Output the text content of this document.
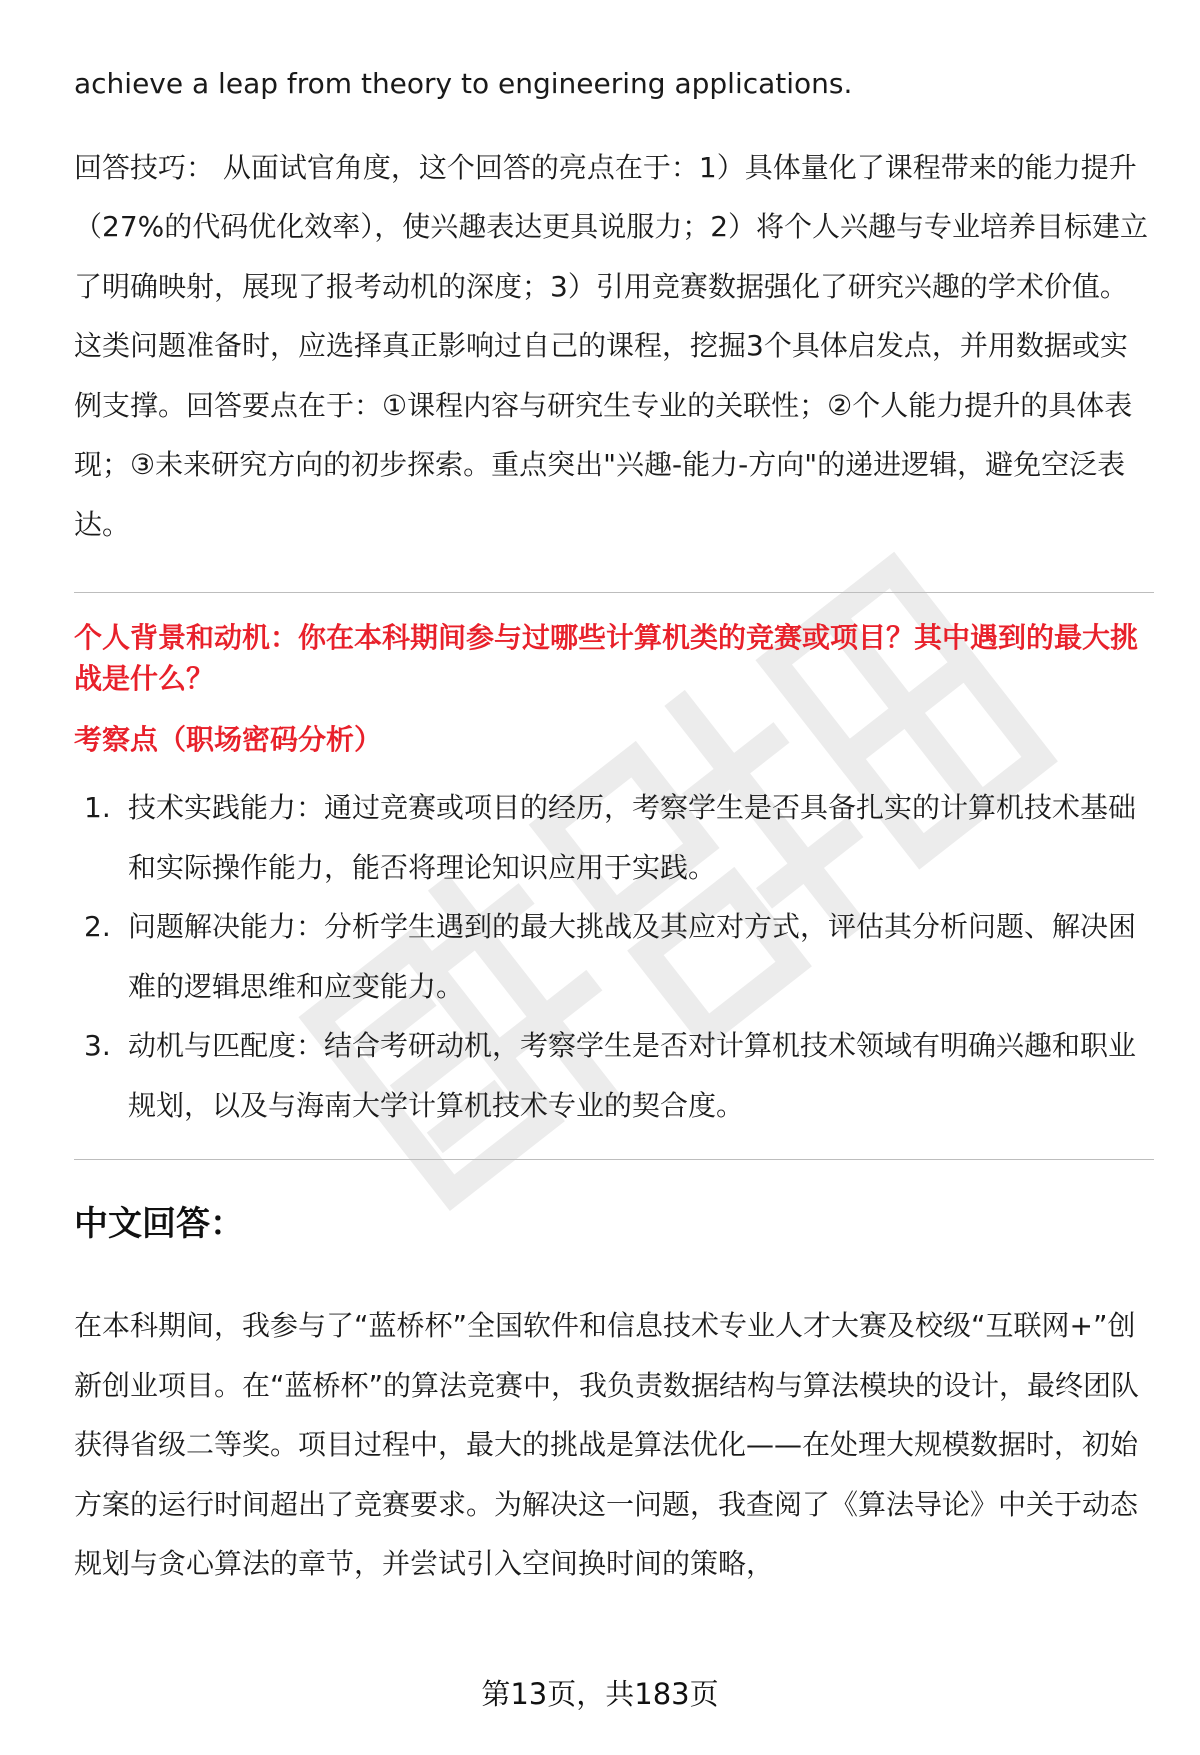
achieve a leap from theory to engineering applications.

回答技巧： 从面试官角度，这个回答的亮点在于：1）具体量化了课程带来的能力提升（27%的代码优化效率），使兴趣表达更具说服力；2）将个人兴趣与专业培养目标建立了明确映射，展现了报考动机的深度；3）引用竞赛数据强化了研究兴趣的学术价值。这类问题准备时，应选择真正影响过自己的课程，挖掘3个具体启发点，并用数据或实例支撑。回答要点在于：①课程内容与研究生专业的关联性；②个人能力提升的具体表现；③未来研究方向的初步探索。重点突出"兴趣-能力-方向"的递进逻辑，避免空泛表达。

个人背景和动机：你在本科期间参与过哪些计算机类的竞赛或项目？其中遇到的最大挑战是什么？

考察点（职场密码分析）

1. 技术实践能力：通过竞赛或项目的经历，考察学生是否具备扎实的计算机技术基础和实际操作能力，能否将理论知识应用于实践。
2. 问题解决能力：分析学生遇到的最大挑战及其应对方式，评估其分析问题、解决困难的逻辑思维和应变能力。
3. 动机与匹配度：结合考研动机，考察学生是否对计算机技术领域有明确兴趣和职业规划，以及与海南大学计算机技术专业的契合度。

中文回答：

在本科期间，我参与了“蓝桥杯”全国软件和信息技术专业人才大赛及校级“互联网+”创新创业项目。在“蓝桥杯”的算法竞赛中，我负责数据结构与算法模块的设计，最终团队获得省级二等奖。项目过程中，最大的挑战是算法优化——在处理大规模数据时，初始方案的运行时间超出了竞赛要求。为解决这一问题，我查阅了《算法导论》中关于动态规划与贪心算法的章节，并尝试引入空间换时间的策略，

第13页，共183页
